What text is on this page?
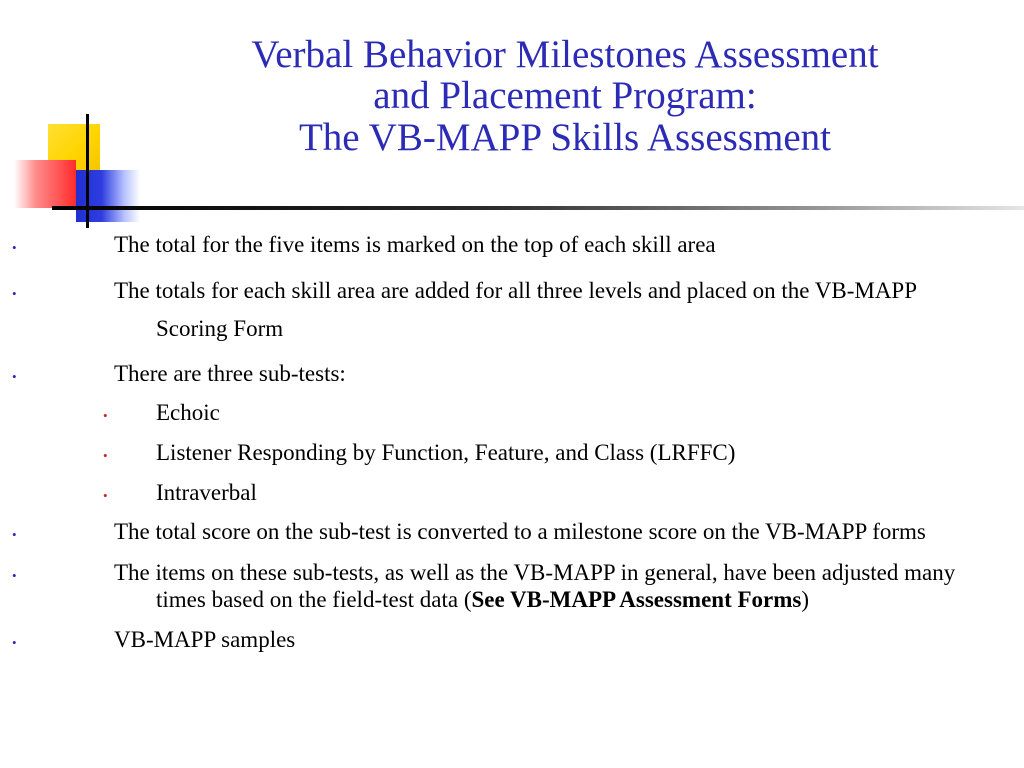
Verbal Behavior Milestones Assessment
and Placement Program:
The VB-MAPP Skills Assessment

•	The total for the five items is marked on the top of each skill area

•	The totals for each skill area are added for all three levels and placed on the VB-MAPP Scoring Form

•	There are three sub-tests:

• Echoic

• Listener Responding by Function, Feature, and Class (LRFFC)

• Intraverbal

•	The total score on the sub-test is converted to a milestone score on the VB-MAPP forms

•	The items on these sub-tests, as well as the VB-MAPP in general, have been adjusted many times based on the field-test data (See VB-MAPP Assessment Forms)

•	VB-MAPP samples
